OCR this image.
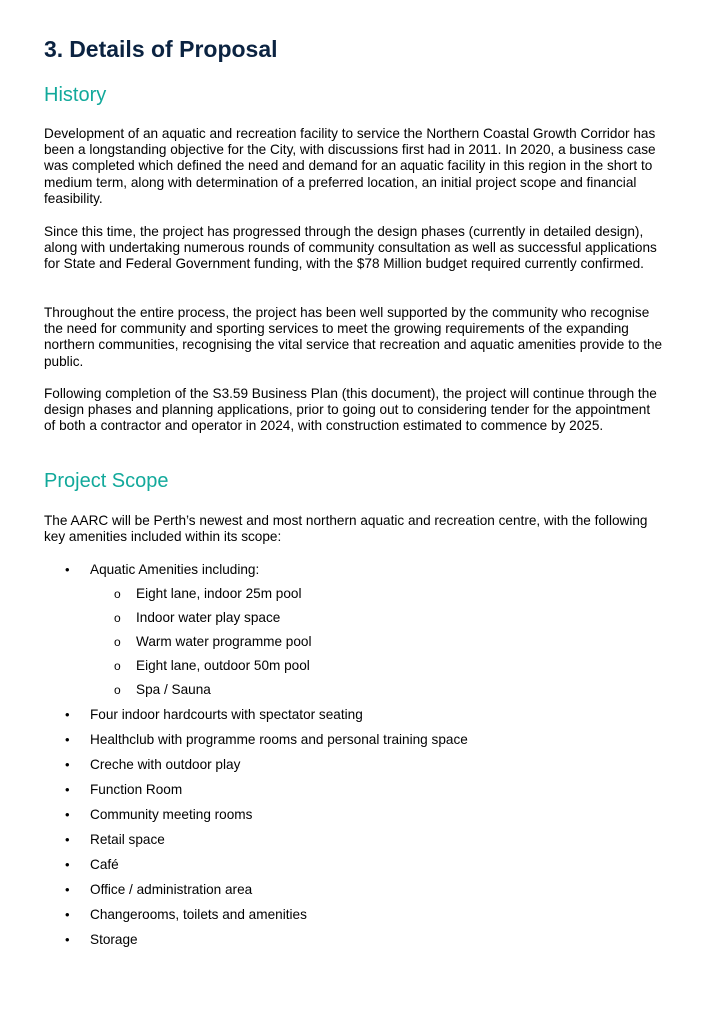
3. Details of Proposal
History

Development of an aquatic and recreation facility to service the Northern Coastal Growth Corridor has been a longstanding objective for the City, with discussions first had in 2011. In 2020, a business case was completed which defined the need and demand for an aquatic facility in this region in the short to medium term, along with determination of a preferred location, an initial project scope and financial feasibility.

Since this time, the project has progressed through the design phases (currently in detailed design), along with undertaking numerous rounds of community consultation as well as successful applications for State and Federal Government funding, with the $78 Million budget required currently confirmed.

Throughout the entire process, the project has been well supported by the community who recognise the need for community and sporting services to meet the growing requirements of the expanding northern communities, recognising the vital service that recreation and aquatic amenities provide to the public.

Following completion of the S3.59 Business Plan (this document), the project will continue through the design phases and planning applications, prior to going out to considering tender for the appointment of both a contractor and operator in 2024, with construction estimated to commence by 2025.

Project Scope

The AARC will be Perth’s newest and most northern aquatic and recreation centre, with the following key amenities included within its scope:

• Aquatic Amenities including:
o Eight lane, indoor 25m pool
o Indoor water play space
o Warm water programme pool
o Eight lane, outdoor 50m pool
o Spa / Sauna
• Four indoor hardcourts with spectator seating
• Healthclub with programme rooms and personal training space
• Creche with outdoor play
• Function Room
• Community meeting rooms
• Retail space
• Café
• Office / administration area
• Changerooms, toilets and amenities
• Storage
